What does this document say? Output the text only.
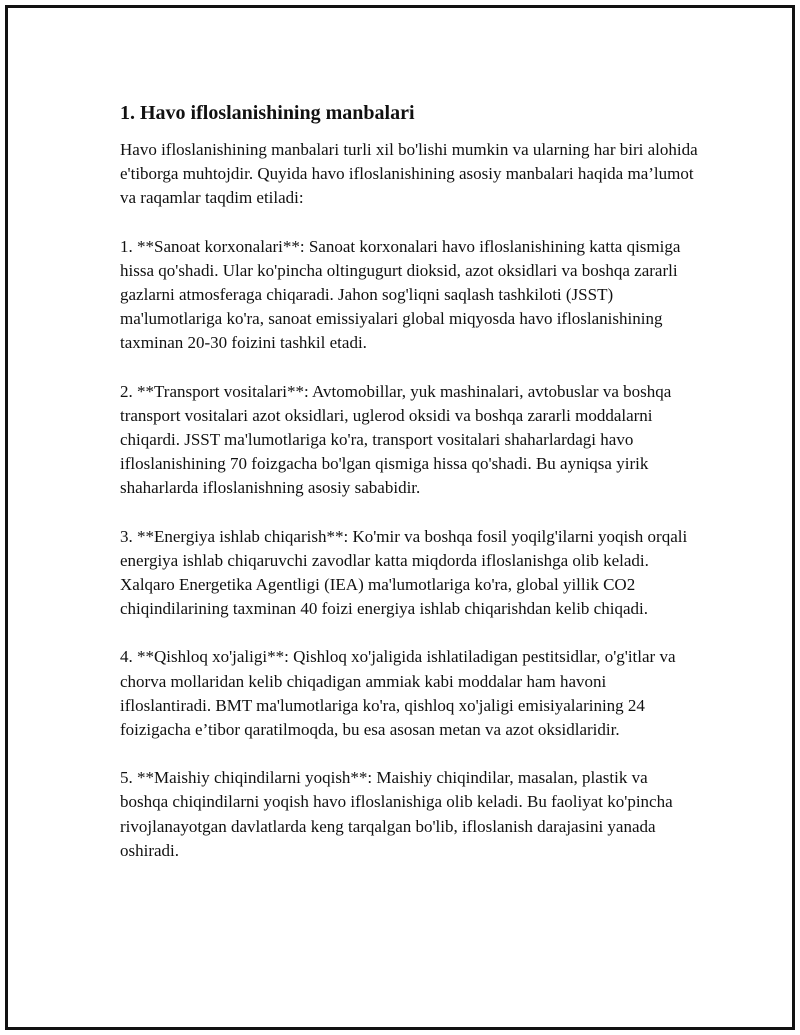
1. Havo ifloslanishining manbalari

Havo ifloslanishining manbalari turli xil bo'lishi mumkin va ularning har biri alohida e'tiborga muhtojdir. Quyida havo ifloslanishining asosiy manbalari haqida ma’lumot va raqamlar taqdim etiladi:

1. **Sanoat korxonalari**: Sanoat korxonalari havo ifloslanishining katta qismiga hissa qo'shadi. Ular ko'pincha oltingugurt dioksid, azot oksidlari va boshqa zararli gazlarni atmosferaga chiqaradi. Jahon sog'liqni saqlash tashkiloti (JSST) ma'lumotlariga ko'ra, sanoat emissiyalari global miqyosda havo ifloslanishining taxminan 20-30 foizini tashkil etadi.

2. **Transport vositalari**: Avtomobillar, yuk mashinalari, avtobuslar va boshqa transport vositalari azot oksidlari, uglerod oksidi va boshqa zararli moddalarni chiqardi. JSST ma'lumotlariga ko'ra, transport vositalari shaharlardagi havo ifloslanishining 70 foizgacha bo'lgan qismiga hissa qo'shadi. Bu ayniqsa yirik shaharlarda ifloslanishning asosiy sababidir.

3. **Energiya ishlab chiqarish**: Ko'mir va boshqa fosil yoqilg'ilarni yoqish orqali energiya ishlab chiqaruvchi zavodlar katta miqdorda ifloslanishga olib keladi. Xalqaro Energetika Agentligi (IEA) ma'lumotlariga ko'ra, global yillik CO2 chiqindilarining taxminan 40 foizi energiya ishlab chiqarishdan kelib chiqadi.

4. **Qishloq xo'jaligi**: Qishloq xo'jaligida ishlatiladigan pestitsidlar, o'g'itlar va chorva mollaridan kelib chiqadigan ammiak kabi moddalar ham havoni ifloslantiradi. BMT ma'lumotlariga ko'ra, qishloq xo'jaligi emisiyalarining 24 foizigacha e’tibor qaratilmoqda, bu esa asosan metan va azot oksidlaridir.

5. **Maishiy chiqindilarni yoqish**: Maishiy chiqindilar, masalan, plastik va boshqa chiqindilarni yoqish havo ifloslanishiga olib keladi. Bu faoliyat ko'pincha rivojlanayotgan davlatlarda keng tarqalgan bo'lib, ifloslanish darajasini yanada oshiradi.
